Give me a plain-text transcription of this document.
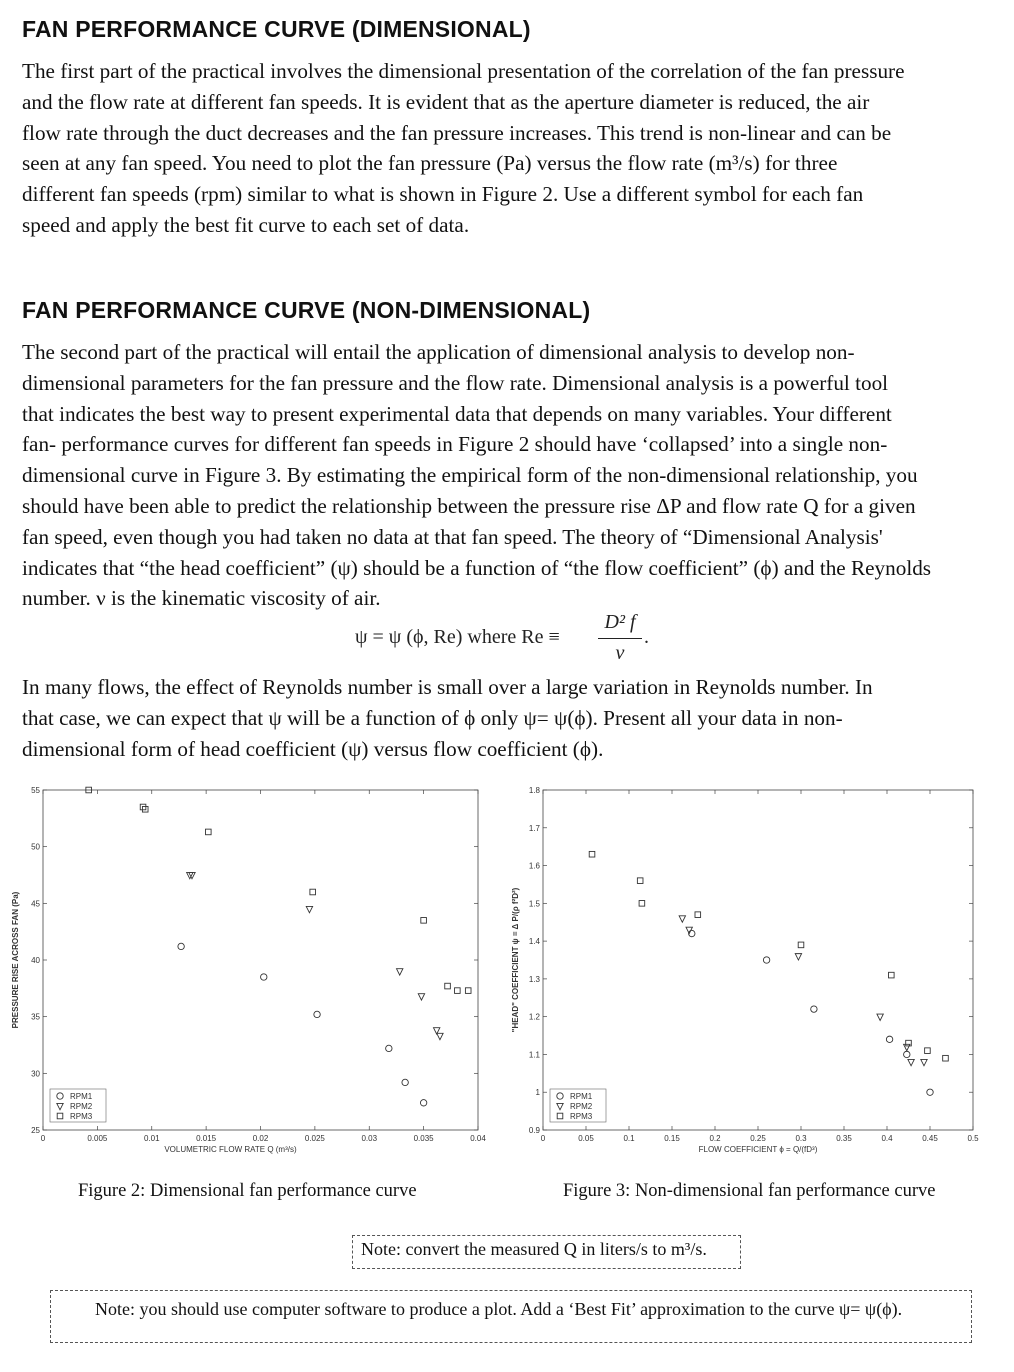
FAN PERFORMANCE CURVE (DIMENSIONAL)
The first part of the practical involves the dimensional presentation of the correlation of the fan pressure
and the flow rate at different fan speeds. It is evident that as the aperture diameter is reduced, the air
flow rate through the duct decreases and the fan pressure increases. This trend is non-linear and can be
seen at any fan speed. You need to plot the fan pressure (Pa) versus the flow rate (m³/s) for three
different fan speeds (rpm) similar to what is shown in Figure 2. Use a different symbol for each fan
speed and apply the best fit curve to each set of data.
FAN PERFORMANCE CURVE (NON-DIMENSIONAL)
The second part of the practical will entail the application of dimensional analysis to develop non-
dimensional parameters for the fan pressure and the flow rate. Dimensional analysis is a powerful tool
that indicates the best way to present experimental data that depends on many variables. Your different
fan- performance curves for different fan speeds in Figure 2 should have ‘collapsed’ into a single non-
dimensional curve in Figure 3. By estimating the empirical form of the non-dimensional relationship, you
should have been able to predict the relationship between the pressure rise ΔP and flow rate Q for a given
fan speed, even though you had taken no data at that fan speed. The theory of “Dimensional Analysis'
indicates that “the head coefficient” (ψ) should be a function of “the flow coefficient” (ϕ) and the Reynolds
number. ν is the kinematic viscosity of air.
ψ = ψ (ϕ, Re) where Re ≡
D² f
ν
.
In many flows, the effect of Reynolds number is small over a large variation in Reynolds number. In
that case, we can expect that ψ will be a function of ϕ only ψ= ψ(ϕ). Present all your data in non-
dimensional form of head coefficient (ψ) versus flow coefficient (ϕ).
0	0.005	0.01	0.015	0.02	0.025	0.03	0.035	0.04
25
30
35
40
45
50
55
VOLUMETRIC FLOW RATE Q (m³/s)
PRESSURE RISE ACROSS FAN (Pa)
RPM1
RPM2
RPM3
0	0.05	0.1	0.15	0.2	0.25	0.3	0.35	0.4	0.45	0.5
0.9
1
1.1
1.2
1.3
1.4
1.5
1.6
1.7
1.8
FLOW COEFFICIENT ϕ = Q/(fD³)
"HEAD" COEFFICIENT ψ = Δ P/(ρ f²D²)
RPM1
RPM2
RPM3
Figure 2: Dimensional fan performance curve	Figure 3: Non-dimensional fan performance curve
Note: convert the measured Q in liters/s to m³/s.
Note: you should use computer software to produce a plot. Add a ‘Best Fit’ approximation to the curve ψ= ψ(ϕ).
